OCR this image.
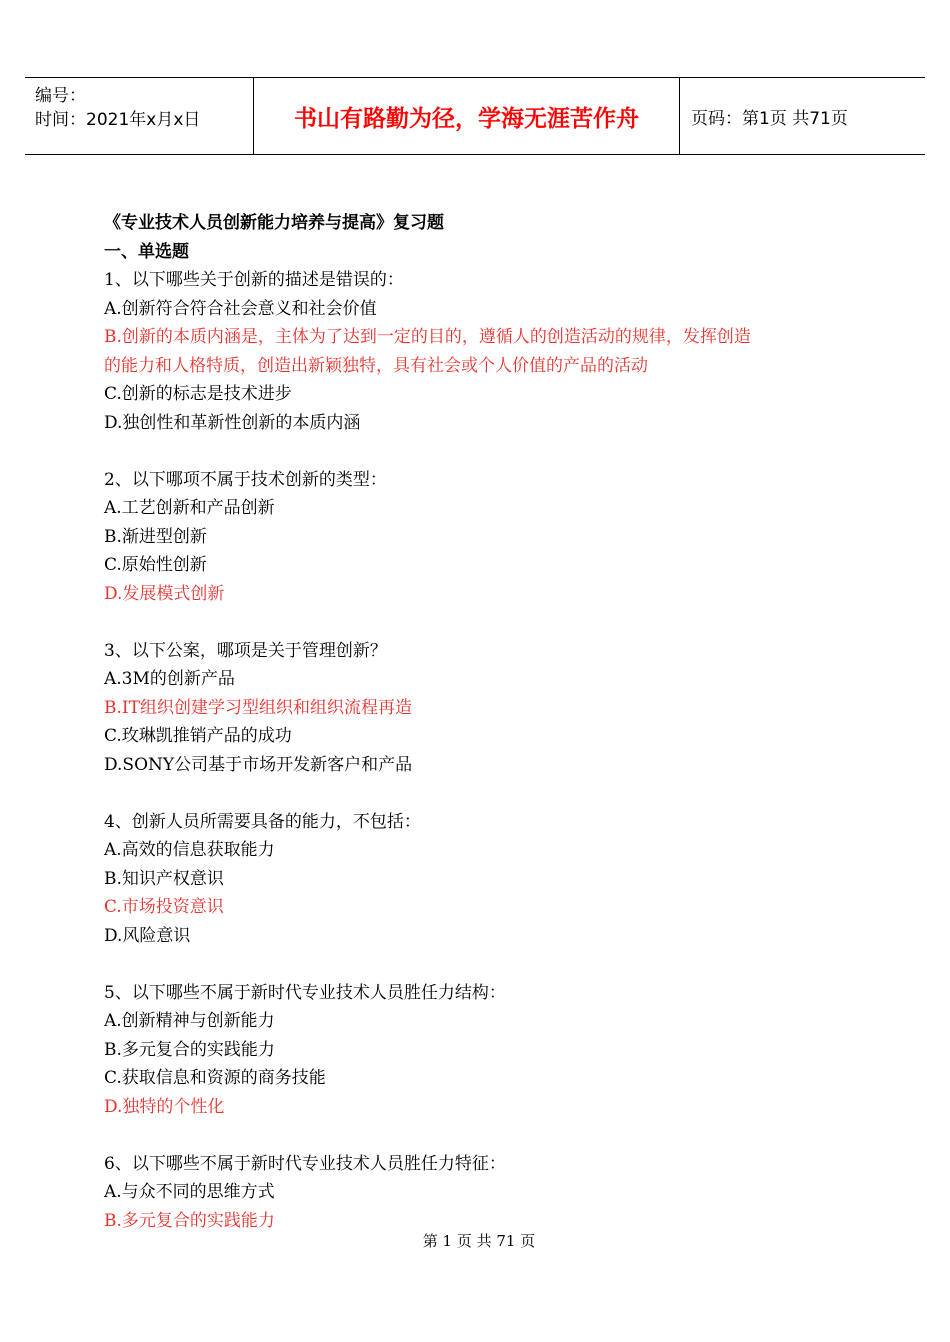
编号：
时间：2021年x月x日	书山有路勤为径，学海无涯苦作舟	页码：第1页 共71页
《专业技术人员创新能力培养与提高》复习题
一、单选题
1、以下哪些关于创新的描述是错误的：
A.创新符合符合社会意义和社会价值
B.创新的本质内涵是，主体为了达到一定的目的，遵循人的创造活动的规律，发挥创造
的能力和人格特质，创造出新颖独特，具有社会或个人价值的产品的活动
C.创新的标志是技术进步
D.独创性和革新性创新的本质内涵
2、以下哪项不属于技术创新的类型：
A.工艺创新和产品创新
B.渐进型创新
C.原始性创新
D.发展模式创新
3、以下公案，哪项是关于管理创新？
A.3M的创新产品
B.IT组织创建学习型组织和组织流程再造
C.玫琳凯推销产品的成功
D.SONY公司基于市场开发新客户和产品
4、创新人员所需要具备的能力，不包括：
A.高效的信息获取能力
B.知识产权意识
C.市场投资意识
D.风险意识
5、以下哪些不属于新时代专业技术人员胜任力结构：
A.创新精神与创新能力
B.多元复合的实践能力
C.获取信息和资源的商务技能
D.独特的个性化
6、以下哪些不属于新时代专业技术人员胜任力特征：
A.与众不同的思维方式
B.多元复合的实践能力
第 1 页 共 71 页
